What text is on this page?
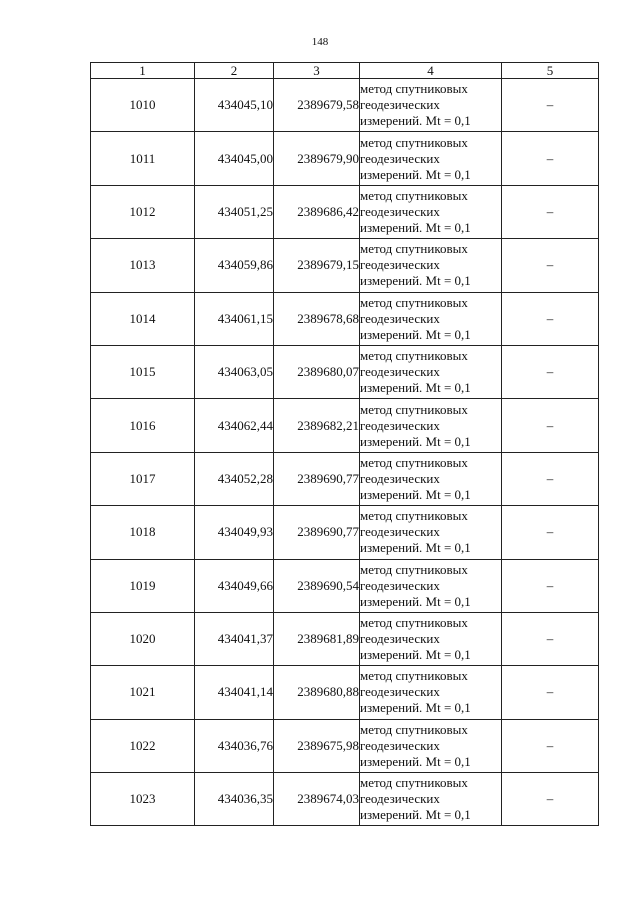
148
1	2	3	4	5
1010	434045,10	2389679,58	метод спутниковых
геодезических
измерений. Mt = 0,1	–
1011	434045,00	2389679,90	метод спутниковых
геодезических
измерений. Mt = 0,1	–
1012	434051,25	2389686,42	метод спутниковых
геодезических
измерений. Mt = 0,1	–
1013	434059,86	2389679,15	метод спутниковых
геодезических
измерений. Mt = 0,1	–
1014	434061,15	2389678,68	метод спутниковых
геодезических
измерений. Mt = 0,1	–
1015	434063,05	2389680,07	метод спутниковых
геодезических
измерений. Mt = 0,1	–
1016	434062,44	2389682,21	метод спутниковых
геодезических
измерений. Mt = 0,1	–
1017	434052,28	2389690,77	метод спутниковых
геодезических
измерений. Mt = 0,1	–
1018	434049,93	2389690,77	метод спутниковых
геодезических
измерений. Mt = 0,1	–
1019	434049,66	2389690,54	метод спутниковых
геодезических
измерений. Mt = 0,1	–
1020	434041,37	2389681,89	метод спутниковых
геодезических
измерений. Mt = 0,1	–
1021	434041,14	2389680,88	метод спутниковых
геодезических
измерений. Mt = 0,1	–
1022	434036,76	2389675,98	метод спутниковых
геодезических
измерений. Mt = 0,1	–
1023	434036,35	2389674,03	метод спутниковых
геодезических
измерений. Mt = 0,1	–
